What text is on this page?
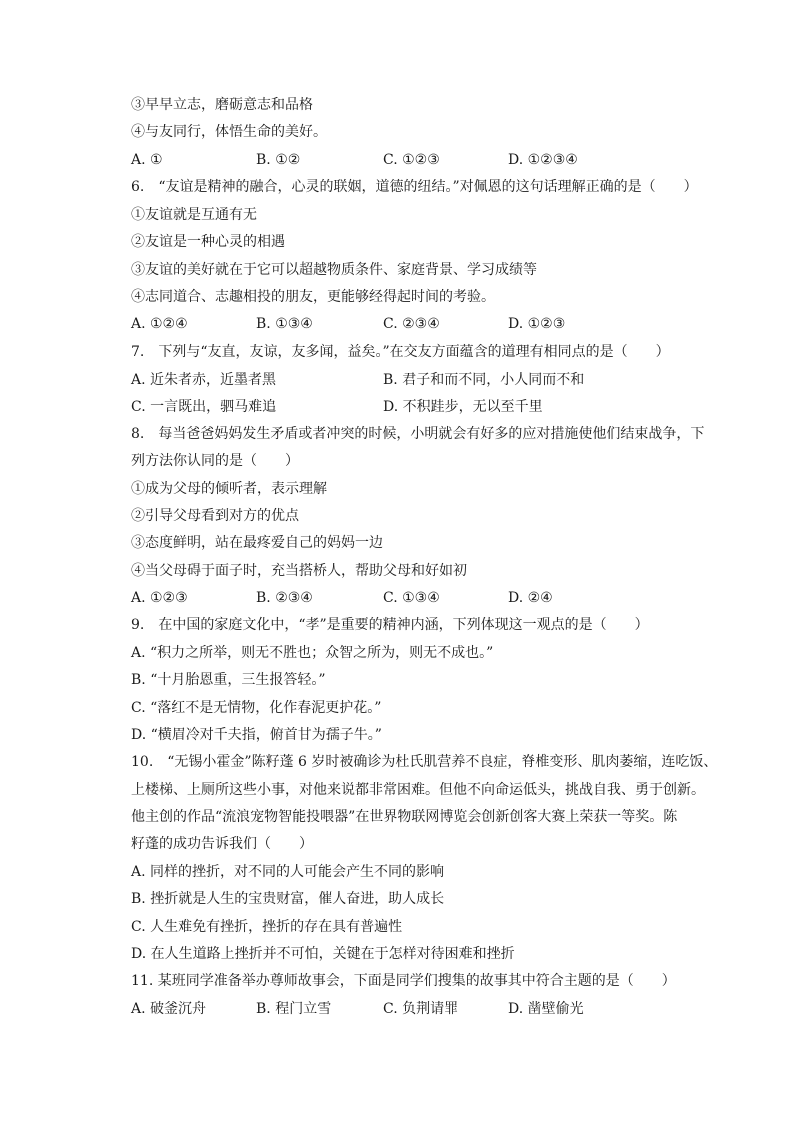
③早早立志，磨砺意志和品格
④与友同行，体悟生命的美好。
A. ①	B. ①②	C. ①②③	D. ①②③④
6.　“友谊是精神的融合，心灵的联姻，道德的纽结。”对佩恩的这句话理解正确的是（　　）
①友谊就是互通有无
②友谊是一种心灵的相遇
③友谊的美好就在于它可以超越物质条件、家庭背景、学习成绩等
④志同道合、志趣相投的朋友，更能够经得起时间的考验。
A. ①②④	B. ①③④	C. ②③④	D. ①②③
7.　下列与“友直，友谅，友多闻，益矣。”在交友方面蕴含的道理有相同点的是（　　）
A. 近朱者赤，近墨者黑	B. 君子和而不同，小人同而不和
C. 一言既出，驷马难追	D. 不积跬步，无以至千里
8.　每当爸爸妈妈发生矛盾或者冲突的时候，小明就会有好多的应对措施使他们结束战争，下
列方法你认同的是（　　）
①成为父母的倾听者，表示理解
②引导父母看到对方的优点
③态度鲜明，站在最疼爱自己的妈妈一边
④当父母碍于面子时，充当搭桥人，帮助父母和好如初
A. ①②③	B. ②③④	C. ①③④	D. ②④
9.　在中国的家庭文化中，“孝”是重要的精神内涵，下列体现这一观点的是（　　）
A. “积力之所举，则无不胜也；众智之所为，则无不成也。”
B. “十月胎恩重，三生报答轻。”
C. “落红不是无情物，化作春泥更护花。”
D. “横眉冷对千夫指，俯首甘为孺子牛。”
10.　“无锡小霍金”陈籽蓬 6 岁时被确诊为杜氏肌营养不良症，脊椎变形、肌肉萎缩，连吃饭、
上楼梯、上厕所这些小事，对他来说都非常困难。但他不向命运低头，挑战自我、勇于创新。
他主创的作品“流浪宠物智能投喂器”在世界物联网博览会创新创客大赛上荣获一等奖。陈
籽蓬的成功告诉我们（　　）
A. 同样的挫折，对不同的人可能会产生不同的影响
B. 挫折就是人生的宝贵财富，催人奋进，助人成长
C. 人生难免有挫折，挫折的存在具有普遍性
D. 在人生道路上挫折并不可怕，关键在于怎样对待困难和挫折
11. 某班同学准备举办尊师故事会，下面是同学们搜集的故事其中符合主题的是（　　）
A. 破釜沉舟	B. 程门立雪	C. 负荆请罪	D. 凿壁偷光
